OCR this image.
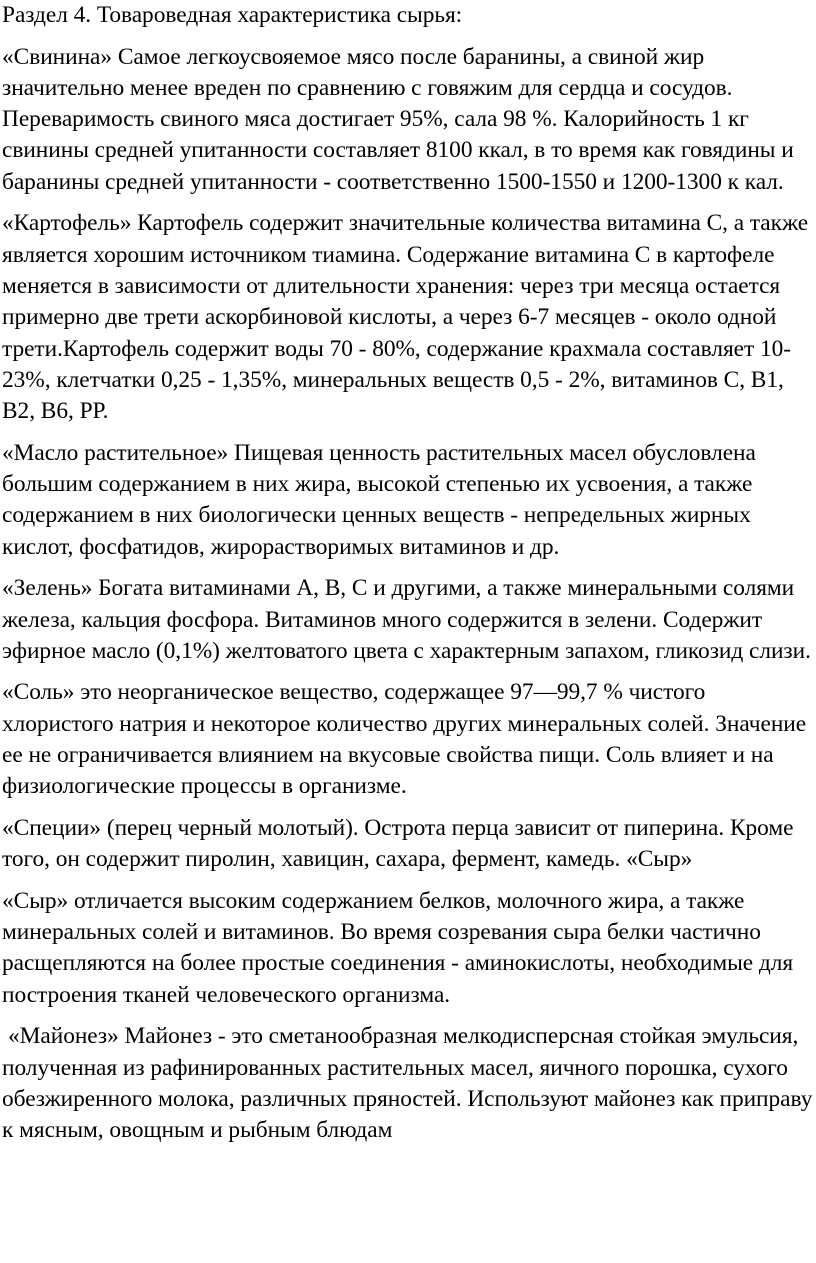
Раздел 4. Товароведная характеристика сырья:

«Свинина» Самое легкоусвояемое мясо после баранины, а свиной жир значительно менее вреден по сравнению с говяжим для сердца и сосудов. Переваримость свиного мяса достигает 95%, сала 98 %. Калорийность 1 кг свинины средней упитанности составляет 8100 ккал, в то время как говядины и баранины средней упитанности - соответственно 1500-1550 и 1200-1300 к кал.

«Картофель» Картофель содержит значительные количества витамина С, а также является хорошим источником тиамина. Содержание витамина С в картофеле меняется в зависимости от длительности хранения: через три месяца остается примерно две трети аскорбиновой кислоты, а через 6-7 месяцев - около одной трети.Картофель содержит воды 70 - 80%, содержание крахмала составляет 10-23%, клетчатки 0,25 - 1,35%, минеральных веществ 0,5 - 2%, витаминов С, В1, В2, В6, РР.

«Масло растительное» Пищевая ценность растительных масел обусловлена большим содержанием в них жира, высокой степенью их усвоения, а также содержанием в них биологически ценных веществ - непредельных жирных кислот, фосфатидов, жирорастворимых витаминов и др.

«Зелень» Богата витаминами А, В, С и другими, а также минеральными солями железа, кальция фосфора. Витаминов много содержится в зелени. Содержит эфирное масло (0,1%) желтоватого цвета с характерным запахом, гликозид слизи.

«Соль» это неорганическое вещество, содержащее 97—99,7 % чистого хлористого натрия и некоторое количество других минеральных солей. Значение ее не ограничивается влиянием на вкусовые свойства пищи. Соль влияет и на физиологические процессы в организме.

«Специи» (перец черный молотый). Острота перца зависит от пиперина. Кроме того, он содержит пиролин, хавицин, сахара, фермент, камедь. «Сыр»

«Сыр» отличается высоким содержанием белков, молочного жира, а также минеральных солей и витаминов. Во время созревания сыра белки частично расщепляются на более простые соединения - аминокислоты, необходимые для построения тканей человеческого организма.

«Майонез» Майонез - это сметанообразная мелкодисперсная стойкая эмульсия, полученная из рафинированных растительных масел, яичного порошка, сухого обезжиренного молока, различных пряностей. Используют майонез как приправу к мясным, овощным и рыбным блюдам
